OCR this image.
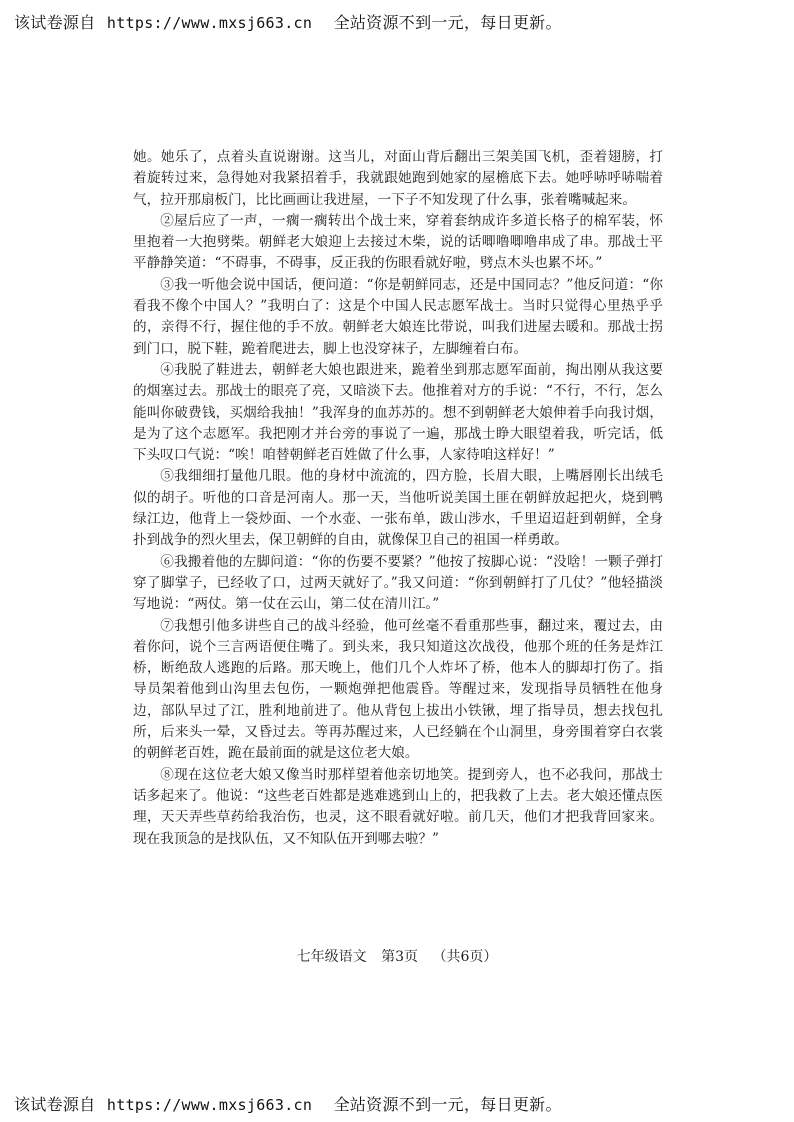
该试卷源自 https://www.mxsj663.cn 全站资源不到一元，每日更新。

她。她乐了，点着头直说谢谢。这当儿，对面山背后翻出三架美国飞机，歪着翅膀，打着旋转过来，急得她对我紧招着手，我就跟她跑到她家的屋檐底下去。她呼哧呼哧喘着气，拉开那扇板门，比比画画让我进屋，一下子不知发现了什么事，张着嘴喊起来。

②屋后应了一声，一瘸一瘸转出个战士来，穿着套纳成许多道长格子的棉军装，怀里抱着一大抱劈柴。朝鲜老大娘迎上去接过木柴，说的话唧噜唧噜串成了串。那战士平平静静笑道：“不碍事，不碍事，反正我的伤眼看就好啦，劈点木头也累不坏。”

③我一听他会说中国话，便问道：“你是朝鲜同志，还是中国同志？”他反问道：“你看我不像个中国人？”我明白了：这是个中国人民志愿军战士。当时只觉得心里热乎乎的，亲得不行，握住他的手不放。朝鲜老大娘连比带说，叫我们进屋去暖和。那战士拐到门口，脱下鞋，跪着爬进去，脚上也没穿袜子，左脚缠着白布。

④我脱了鞋进去，朝鲜老大娘也跟进来，跪着坐到那志愿军面前，掏出刚从我这要的烟塞过去。那战士的眼亮了亮，又暗淡下去。他推着对方的手说：“不行，不行，怎么能叫你破费钱，买烟给我抽！”我浑身的血苏苏的。想不到朝鲜老大娘伸着手向我讨烟，是为了这个志愿军。我把刚才并台旁的事说了一遍，那战士睁大眼望着我，听完话，低下头叹口气说：“唉！咱替朝鲜老百姓做了什么事，人家待咱这样好！”

⑤我细细打量他几眼。他的身材中流流的，四方脸，长眉大眼，上嘴唇刚长出绒毛似的胡子。听他的口音是河南人。那一天，当他听说美国土匪在朝鲜放起把火，烧到鸭绿江边，他背上一袋炒面、一个水壶、一张布单，跋山涉水，千里迢迢赶到朝鲜，全身扑到战争的烈火里去，保卫朝鲜的自由，就像保卫自己的祖国一样勇敢。

⑥我搬着他的左脚问道：“你的伤要不要紧？”他按了按脚心说：“没啥！一颗子弹打穿了脚掌子，已经收了口，过两天就好了。”我又问道：“你到朝鲜打了几仗？”他轻描淡写地说：“两仗。第一仗在云山，第二仗在清川江。”

⑦我想引他多讲些自己的战斗经验，他可丝毫不看重那些事，翻过来，覆过去，由着你问，说个三言两语便住嘴了。到头来，我只知道这次战役，他那个班的任务是炸江桥，断绝敌人逃跑的后路。那天晚上，他们几个人炸坏了桥，他本人的脚却打伤了。指导员架着他到山沟里去包伤，一颗炮弹把他震昏。等醒过来，发现指导员牺牲在他身边，部队早过了江，胜利地前进了。他从背包上拔出小铁锹，埋了指导员，想去找包扎所，后来头一晕，又昏过去。等再苏醒过来，人已经躺在个山洞里，身旁围着穿白衣裳的朝鲜老百姓，跪在最前面的就是这位老大娘。

⑧现在这位老大娘又像当时那样望着他亲切地笑。提到旁人，也不必我问，那战士话多起来了。他说：“这些老百姓都是逃难逃到山上的，把我救了上去。老大娘还懂点医理，天天弄些草药给我治伤，也灵，这不眼看就好啦。前几天，他们才把我背回家来。现在我顶急的是找队伍，又不知队伍开到哪去啦？”

七年级语文 第3页 （共6页）
该试卷源自 https://www.mxsj663.cn 全站资源不到一元，每日更新。
